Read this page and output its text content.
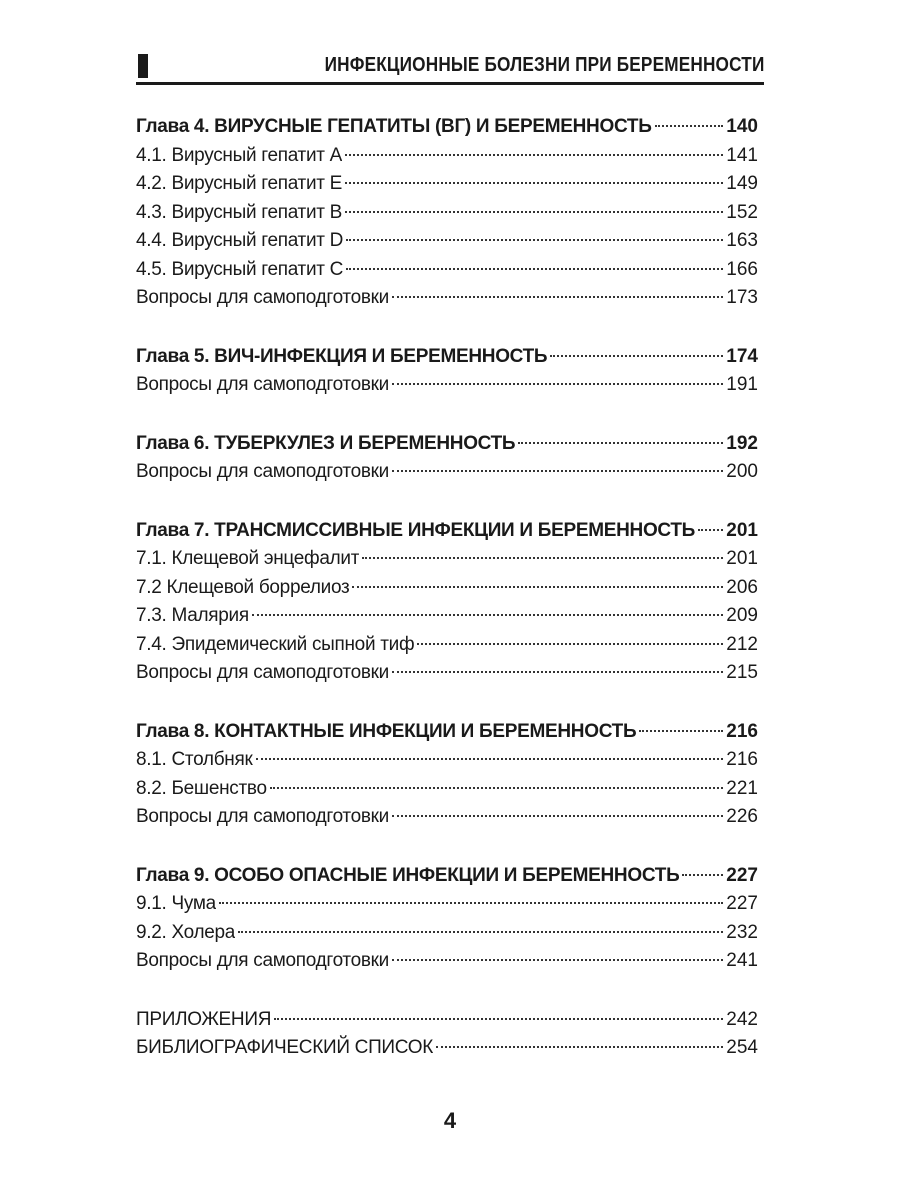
ИНФЕКЦИОННЫЕ БОЛЕЗНИ ПРИ БЕРЕМЕННОСТИ
Глава 4. ВИРУСНЫЕ ГЕПАТИТЫ (ВГ) И БЕРЕМЕННОСТЬ	140
4.1. Вирусный гепатит А	141
4.2. Вирусный гепатит Е	149
4.3. Вирусный гепатит В	152
4.4. Вирусный гепатит D	163
4.5. Вирусный гепатит С	166
Вопросы для самоподготовки	173
Глава 5. ВИЧ-ИНФЕКЦИЯ И БЕРЕМЕННОСТЬ	174
Вопросы для самоподготовки	191
Глава 6. ТУБЕРКУЛЕЗ И БЕРЕМЕННОСТЬ	192
Вопросы для самоподготовки	200
Глава 7. ТРАНСМИССИВНЫЕ ИНФЕКЦИИ И БЕРЕМЕННОСТЬ 201
7.1. Клещевой энцефалит	201
7.2 Клещевой боррелиоз	206
7.3. Малярия	209
7.4. Эпидемический сыпной тиф	212
Вопросы для самоподготовки	215
Глава 8. КОНТАКТНЫЕ ИНФЕКЦИИ И БЕРЕМЕННОСТЬ	216
8.1. Столбняк	216
8.2. Бешенство	221
Вопросы для самоподготовки	226
Глава 9. ОСОБО ОПАСНЫЕ ИНФЕКЦИИ И БЕРЕМЕННОСТЬ 227
9.1. Чума	227
9.2. Холера	232
Вопросы для самоподготовки	241
ПРИЛОЖЕНИЯ	242
БИБЛИОГРАФИЧЕСКИЙ СПИСОК	254
4
